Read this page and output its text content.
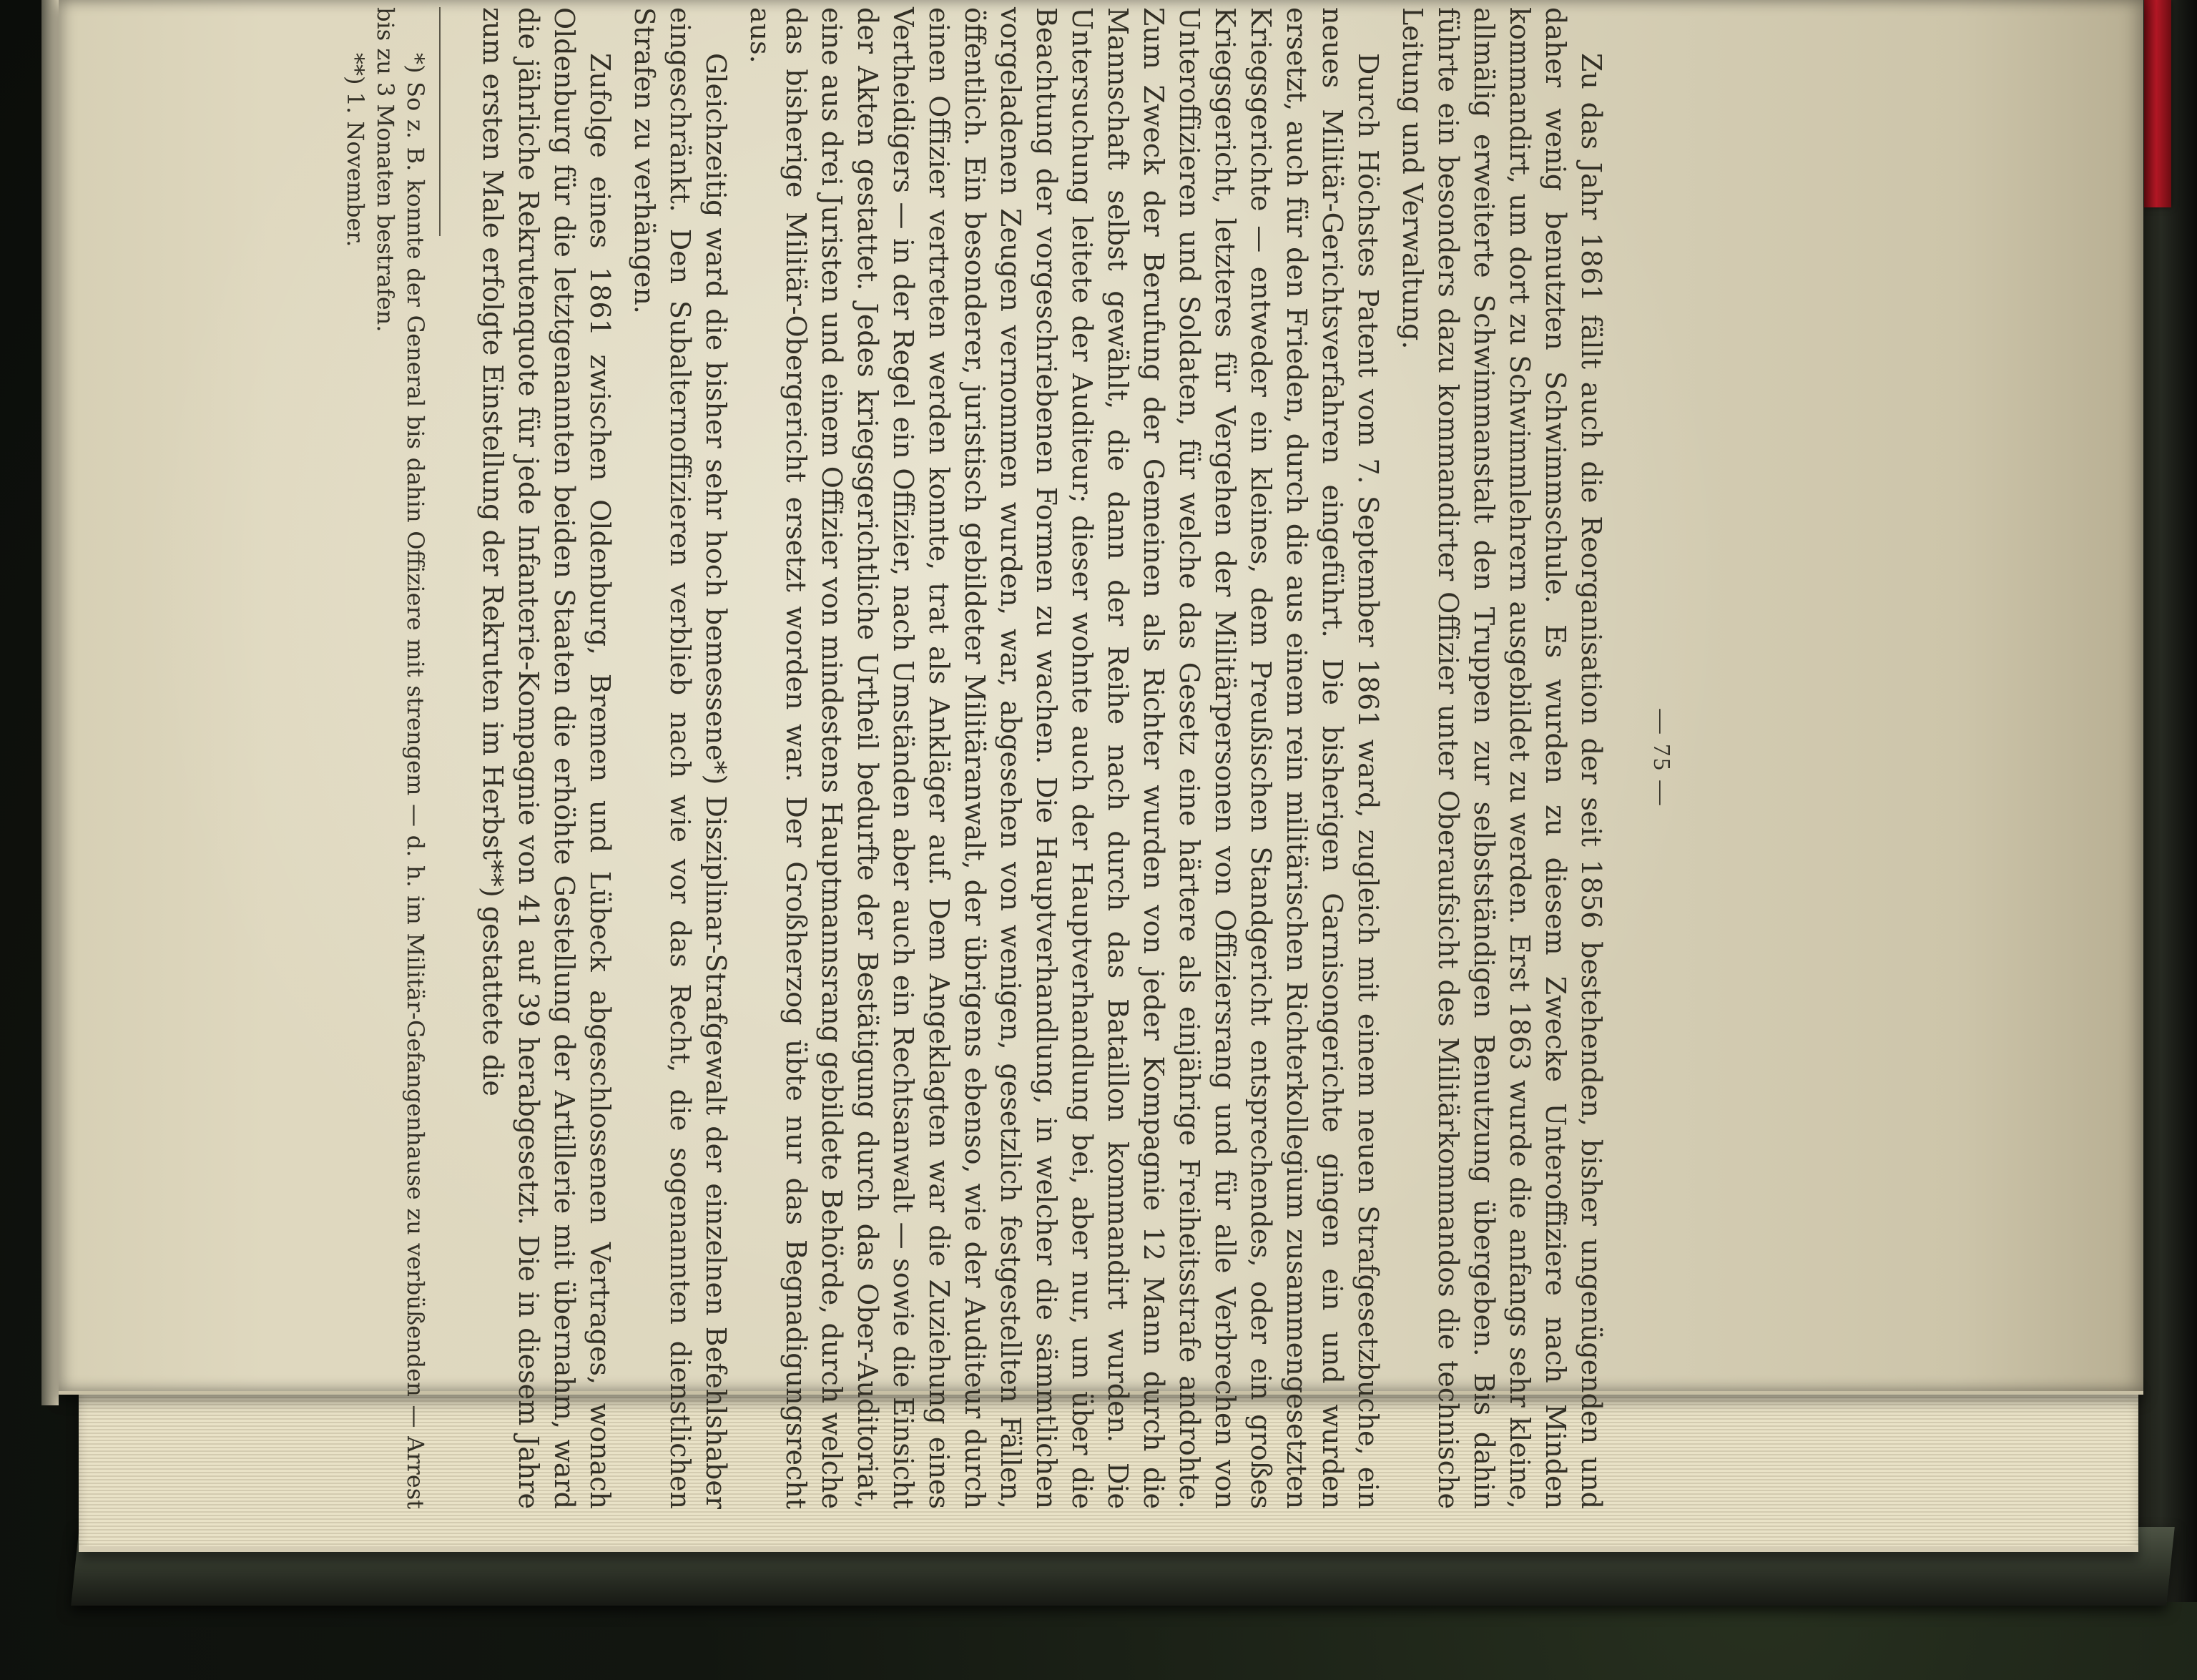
— 75 —

Zu das Jahr 1861 fällt auch die Reorganisation der seit 1856 bestehenden, bisher ungenügenden und daher wenig benutzten Schwimmschule. Es wurden zu diesem Zwecke Unteroffiziere nach Minden kommandirt, um dort zu Schwimmlehrern ausgebildet zu werden. Erst 1863 wurde die anfangs sehr kleine, allmälig erweiterte Schwimmanstalt den Truppen zur selbstständigen Benutzung übergeben. Bis dahin führte ein besonders dazu kommandirter Offizier unter Oberaufsicht des Militärkommandos die technische Leitung und Verwaltung.

Durch Höchstes Patent vom 7. September 1861 ward, zugleich mit einem neuen Strafgesetzbuche, ein neues Militär-Gerichtsverfahren eingeführt. Die bisherigen Garnisongerichte gingen ein und wurden ersetzt, auch für den Frieden, durch die aus einem rein militärischen Richterkollegium zusammengesetzten Kriegsgerichte — entweder ein kleines, dem Preußischen Standgericht entsprechendes, oder ein großes Kriegsgericht, letzteres für Vergehen der Militärpersonen von Offiziersrang und für alle Verbrechen von Unteroffizieren und Soldaten, für welche das Gesetz eine härtere als einjährige Freiheitsstrafe androhte. Zum Zweck der Berufung der Gemeinen als Richter wurden von jeder Kompagnie 12 Mann durch die Mannschaft selbst gewählt, die dann der Reihe nach durch das Bataillon kommandirt wurden. Die Untersuchung leitete der Auditeur; dieser wohnte auch der Hauptverhandlung bei, aber nur, um über die Beachtung der vorgeschriebenen Formen zu wachen. Die Hauptverhandlung, in welcher die sämmtlichen vorgeladenen Zeugen vernommen wurden, war, abgesehen von wenigen, gesetzlich festgestellten Fällen, öffentlich. Ein besonderer, juristisch gebildeter Militäranwalt, der übrigens ebenso, wie der Auditeur durch einen Offizier vertreten werden konnte, trat als Ankläger auf. Dem Angeklagten war die Zuziehung eines Vertheidigers — in der Regel ein Offizier, nach Umständen aber auch ein Rechtsanwalt — sowie die Einsicht der Akten gestattet. Jedes kriegsgerichtliche Urtheil bedurfte der Bestätigung durch das Ober-Auditoriat, eine aus drei Juristen und einem Offizier von mindestens Hauptmannsrang gebildete Behörde, durch welche das bisherige Militär-Obergericht ersetzt worden war. Der Großherzog übte nur das Begnadigungsrecht aus.

Gleichzeitig ward die bisher sehr hoch bemessene*) Disziplinar-Strafgewalt der einzelnen Befehlshaber eingeschränkt. Den Subalternoffizieren verblieb nach wie vor das Recht, die sogenannten dienstlichen Strafen zu verhängen.

Zufolge eines 1861 zwischen Oldenburg, Bremen und Lübeck abgeschlossenen Vertrages, wonach Oldenburg für die letztgenannten beiden Staaten die erhöhte Gestellung der Artillerie mit übernahm, ward die jährliche Rekrutenquote für jede Infanterie-Kompagnie von 41 auf 39 herabgesetzt. Die in diesem Jahre zum ersten Male erfolgte Einstellung der Rekruten im Herbst**) gestattete die

*) So z. B. konnte der General bis dahin Offiziere mit strengem — d. h. im Militär-Gefangenhause zu verbüßenden — Arrest bis zu 3 Monaten bestrafen.

**) 1. November.
